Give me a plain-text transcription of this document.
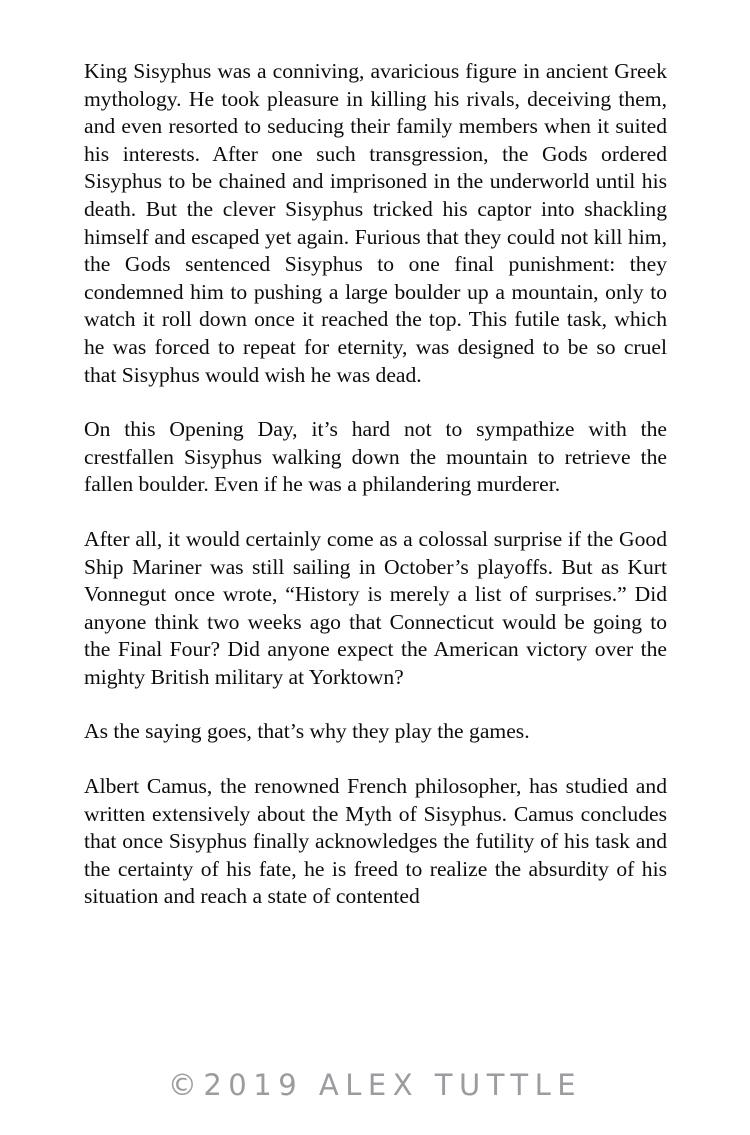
King Sisyphus was a conniving, avaricious figure in ancient Greek mythology. He took pleasure in killing his rivals, deceiving them, and even resorted to seducing their family members when it suited his interests. After one such transgression, the Gods ordered Sisyphus to be chained and imprisoned in the underworld until his death. But the clever Sisyphus tricked his captor into shackling himself and escaped yet again. Furious that they could not kill him, the Gods sentenced Sisyphus to one final punishment: they condemned him to pushing a large boulder up a mountain, only to watch it roll down once it reached the top. This futile task, which he was forced to repeat for eternity, was designed to be so cruel that Sisyphus would wish he was dead.

On this Opening Day, it’s hard not to sympathize with the crestfallen Sisyphus walking down the mountain to retrieve the fallen boulder. Even if he was a philandering murderer.

After all, it would certainly come as a colossal surprise if the Good Ship Mariner was still sailing in October’s playoffs. But as Kurt Vonnegut once wrote, “History is merely a list of surprises.” Did anyone think two weeks ago that Connecticut would be going to the Final Four? Did anyone expect the American victory over the mighty British military at Yorktown?

As the saying goes, that’s why they play the games.

Albert Camus, the renowned French philosopher, has studied and written extensively about the Myth of Sisyphus. Camus concludes that once Sisyphus finally acknowledges the futility of his task and the certainty of his fate, he is freed to realize the absurdity of his situation and reach a state of contented

©2019 ALEX TUTTLE
